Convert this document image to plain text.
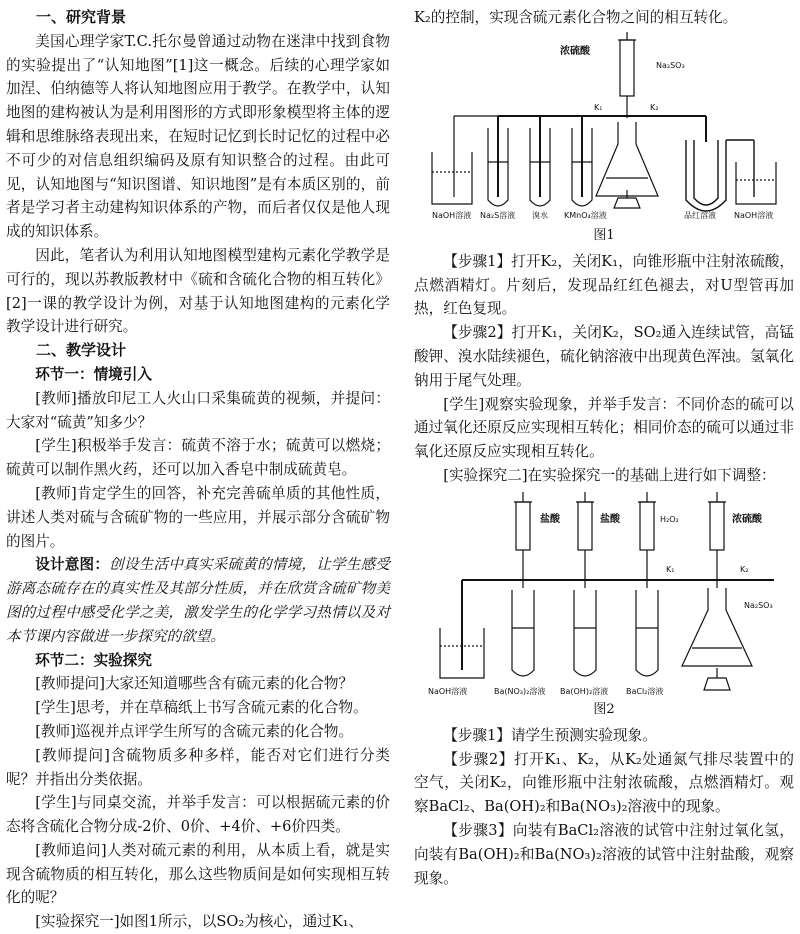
一、研究背景

美国心理学家T.C.托尔曼曾通过动物在迷津中找到食物的实验提出了“认知地图”[1]这一概念。后续的心理学家如加涅、伯纳德等人将认知地图应用于教学。在教学中，认知地图的建构被认为是利用图形的方式即形象模型将主体的逻辑和思维脉络表现出来，在短时记忆到长时记忆的过程中必不可少的对信息组织编码及原有知识整合的过程。由此可见，认知地图与“知识图谱、知识地图”是有本质区别的，前者是学习者主动建构知识体系的产物，而后者仅仅是他人现成的知识体系。

因此，笔者认为利用认知地图模型建构元素化学教学是可行的，现以苏教版教材中《硫和含硫化合物的相互转化》[2]一课的教学设计为例，对基于认知地图建构的元素化学教学设计进行研究。

二、教学设计
环节一：情境引入

[教师]播放印尼工人火山口采集硫黄的视频，并提问：大家对“硫黄”知多少？

[学生]积极举手发言：硫黄不溶于水；硫黄可以燃烧；硫黄可以制作黑火药，还可以加入香皂中制成硫黄皂。

[教师]肯定学生的回答，补充完善硫单质的其他性质，讲述人类对硫与含硫矿物的一些应用，并展示部分含硫矿物的图片。

设计意图：创设生活中真实采硫黄的情境，让学生感受游离态硫存在的真实性及其部分性质，并在欣赏含硫矿物美图的过程中感受化学之美，激发学生的化学学习热情以及对本节课内容做进一步探究的欲望。

环节二：实验探究

[教师提问]大家还知道哪些含有硫元素的化合物？

[学生]思考，并在草稿纸上书写含硫元素的化合物。

[教师]巡视并点评学生所写的含硫元素的化合物。

[教师提问]含硫物质多种多样，能否对它们进行分类呢？并指出分类依据。

[学生]与同桌交流，并举手发言：可以根据硫元素的价态将含硫化合物分成-2价、0价、+4价、+6价四类。

[教师追问]人类对硫元素的利用，从本质上看，就是实现含硫物质的相互转化，那么这些物质间是如何实现相互转化的呢？

[实验探究一]如图1所示，以SO₂为核心，通过K₁、

K₂的控制，实现含硫元素化合物之间的相互转化。

浓硫酸
Na₂SO₃
K₁	K₂
NaOH溶液 Na₂S溶液 溴水 KMnO₄溶液	品红溶液 NaOH溶液
图1

【步骤1】打开K₂，关闭K₁，向锥形瓶中注射浓硫酸，点燃酒精灯。片刻后，发现品红红色褪去，对U型管再加热，红色复现。

【步骤2】打开K₁，关闭K₂，SO₂通入连续试管，高锰酸钾、溴水陆续褪色，硫化钠溶液中出现黄色浑浊。氢氧化钠用于尾气处理。

[学生]观察实验现象，并举手发言：不同价态的硫可以通过氧化还原反应实现相互转化；相同价态的硫可以通过非氧化还原反应实现相互转化。

[实验探究二]在实验探究一的基础上进行如下调整：

盐酸	盐酸	H₂O₂	浓硫酸
K₁	K₂
Na₂SO₃
NaOH溶液	Ba(NO₃)₂溶液 Ba(OH)₂溶液 BaCl₂溶液
图2

【步骤1】请学生预测实验现象。

【步骤2】打开K₁、K₂，从K₂处通氮气排尽装置中的空气，关闭K₂，向锥形瓶中注射浓硫酸，点燃酒精灯。观察BaCl₂、Ba(OH)₂和Ba(NO₃)₂溶液中的现象。

【步骤3】向装有BaCl₂溶液的试管中注射过氧化氢，向装有Ba(OH)₂和Ba(NO₃)₂溶液的试管中注射盐酸，观察现象。
